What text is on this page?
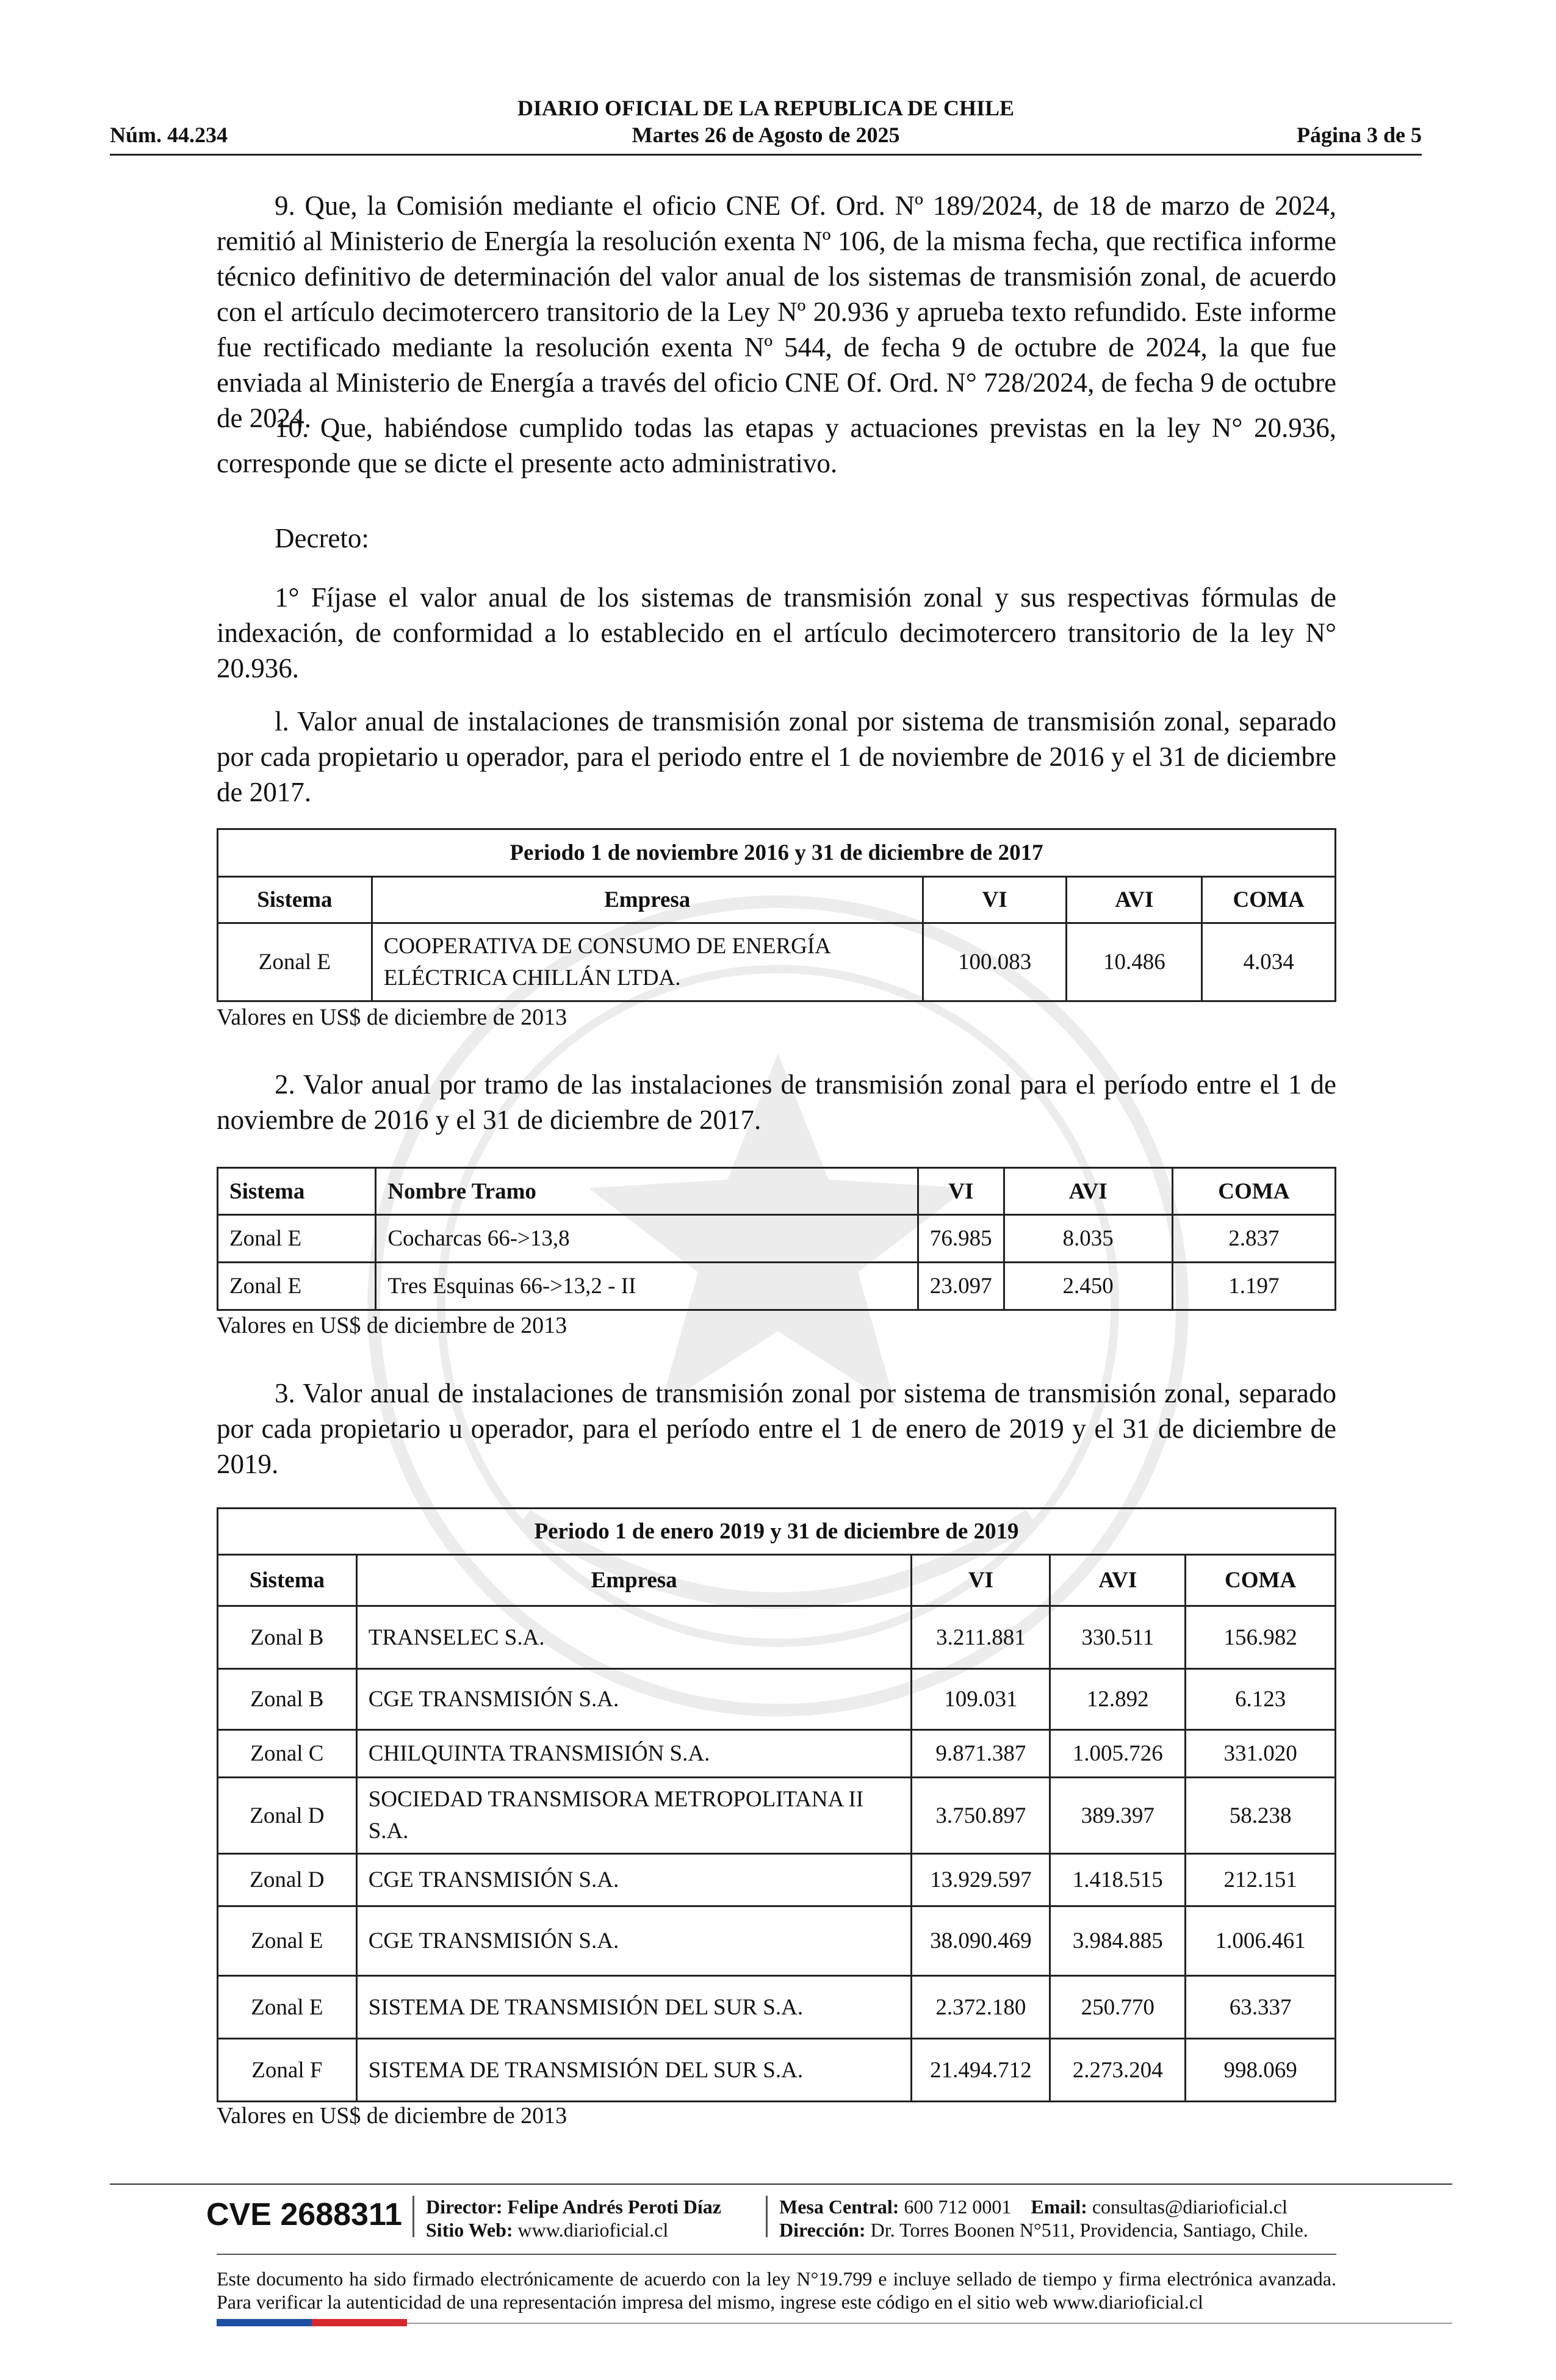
DIARIO OFICIAL DE LA REPUBLICA DE CHILE
Núm. 44.234	Martes 26 de Agosto de 2025	Página 3 de 5

9. Que, la Comisión mediante el oficio CNE Of. Ord. Nº 189/2024, de 18 de marzo de 2024, remitió al Ministerio de Energía la resolución exenta Nº 106, de la misma fecha, que rectifica informe técnico definitivo de determinación del valor anual de los sistemas de transmisión zonal, de acuerdo con el artículo decimotercero transitorio de la Ley Nº 20.936 y aprueba texto refundido. Este informe fue rectificado mediante la resolución exenta Nº 544, de fecha 9 de octubre de 2024, la que fue enviada al Ministerio de Energía a través del oficio CNE Of. Ord. N° 728/2024, de fecha 9 de octubre de 2024.

10. Que, habiéndose cumplido todas las etapas y actuaciones previstas en la ley N° 20.936, corresponde que se dicte el presente acto administrativo.

Decreto:

1° Fíjase el valor anual de los sistemas de transmisión zonal y sus respectivas fórmulas de indexación, de conformidad a lo establecido en el artículo decimotercero transitorio de la ley N° 20.936.

l. Valor anual de instalaciones de transmisión zonal por sistema de transmisión zonal, separado por cada propietario u operador, para el periodo entre el 1 de noviembre de 2016 y el 31 de diciembre de 2017.

Periodo 1 de noviembre 2016 y 31 de diciembre de 2017				
Sistema	Empresa	VI	AVI	COMA
Zonal E	COOPERATIVA DE CONSUMO DE ENERGÍA ELÉCTRICA CHILLÁN LTDA.	100.083	10.486	4.034
Valores en US$ de diciembre de 2013

2. Valor anual por tramo de las instalaciones de transmisión zonal para el período entre el 1 de noviembre de 2016 y el 31 de diciembre de 2017.

Sistema	Nombre Tramo	VI	AVI	COMA
Zonal E	Cocharcas 66->13,8	76.985	8.035	2.837
Zonal E	Tres Esquinas 66->13,2 - II	23.097	2.450	1.197
Valores en US$ de diciembre de 2013

3. Valor anual de instalaciones de transmisión zonal por sistema de transmisión zonal, separado por cada propietario u operador, para el período entre el 1 de enero de 2019 y el 31 de diciembre de 2019.

Periodo 1 de enero 2019 y 31 de diciembre de 2019				
Sistema	Empresa	VI	AVI	COMA
Zonal B	TRANSELEC S.A.	3.211.881	330.511	156.982
Zonal B	CGE TRANSMISIÓN S.A.	109.031	12.892	6.123
Zonal C	CHILQUINTA TRANSMISIÓN S.A.	9.871.387	1.005.726	331.020
Zonal D	SOCIEDAD TRANSMISORA METROPOLITANA II S.A.	3.750.897	389.397	58.238
Zonal D	CGE TRANSMISIÓN S.A.	13.929.597	1.418.515	212.151
Zonal E	CGE TRANSMISIÓN S.A.	38.090.469	3.984.885	1.006.461
Zonal E	SISTEMA DE TRANSMISIÓN DEL SUR S.A.	2.372.180	250.770	63.337
Zonal F	SISTEMA DE TRANSMISIÓN DEL SUR S.A.	21.494.712	2.273.204	998.069
Valores en US$ de diciembre de 2013
CVE 2688311 Director: Felipe Andrés Peroti Díaz
Sitio Web: www.diarioficial.cl
Mesa Central: 600 712 0001 Email: consultas@diarioficial.cl
Dirección: Dr. Torres Boonen N°511, Providencia, Santiago, Chile.
Este documento ha sido firmado electrónicamente de acuerdo con la ley N°19.799 e incluye sellado de tiempo y firma electrónica avanzada. Para verificar la autenticidad de una representación impresa del mismo, ingrese este código en el sitio web www.diarioficial.cl
